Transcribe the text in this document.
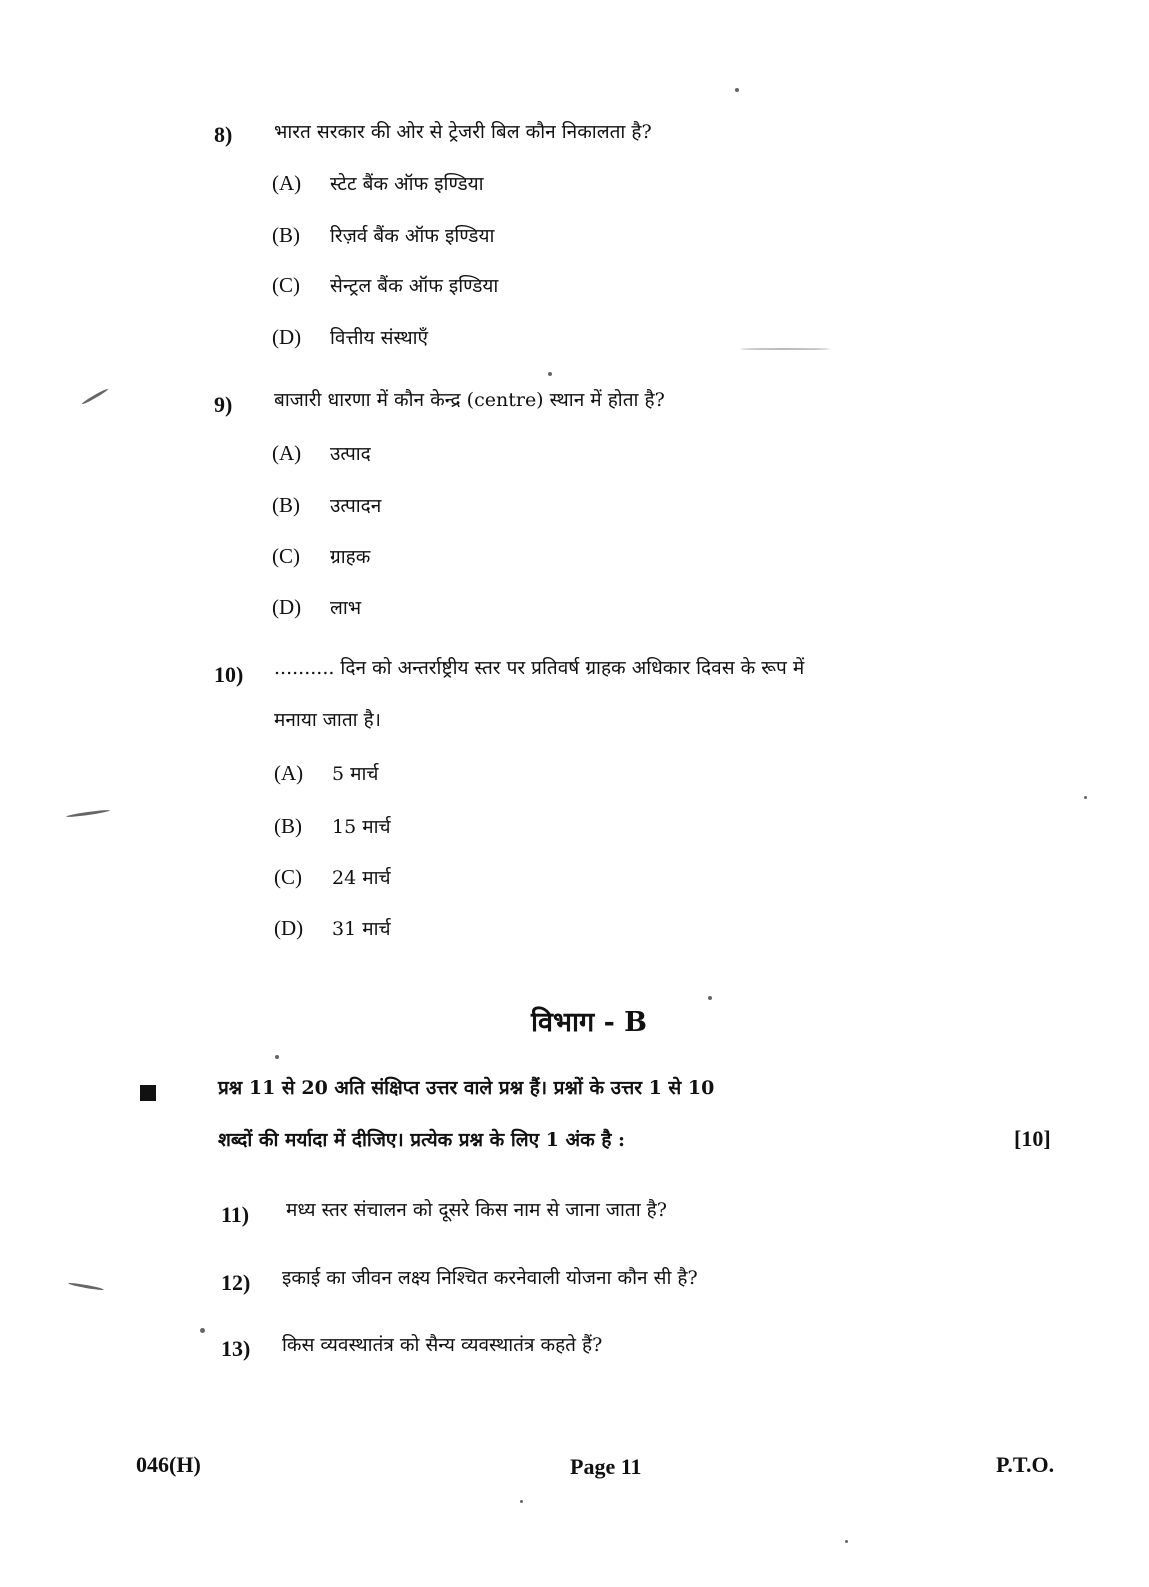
8) भारत सरकार की ओर से ट्रेजरी बिल कौन निकालता है?
(A) स्टेट बैंक ऑफ इण्डिया
(B) रिज़र्व बैंक ऑफ इण्डिया
(C) सेन्ट्रल बैंक ऑफ इण्डिया
(D) वित्तीय संस्थाएँ
9) बाजारी धारणा में कौन केन्द्र (centre) स्थान में होता है?
(A) उत्पाद
(B) उत्पादन
(C) ग्राहक
(D) लाभ
10) .......... दिन को अन्तर्राष्ट्रीय स्तर पर प्रतिवर्ष ग्राहक अधिकार दिवस के रूप में
मनाया जाता है।
(A) 5 मार्च
(B) 15 मार्च
(C) 24 मार्च
(D) 31 मार्च
विभाग - B
प्रश्न 11 से 20 अति संक्षिप्त उत्तर वाले प्रश्न हैं। प्रश्नों के उत्तर 1 से 10
शब्दों की मर्यादा में दीजिए। प्रत्येक प्रश्न के लिए 1 अंक है :	[10]
11) मध्य स्तर संचालन को दूसरे किस नाम से जाना जाता है?
12) इकाई का जीवन लक्ष्य निश्चित करनेवाली योजना कौन सी है?
13) किस व्यवस्थातंत्र को सैन्य व्यवस्थातंत्र कहते हैं?
046(H)	Page 11	P.T.O.
